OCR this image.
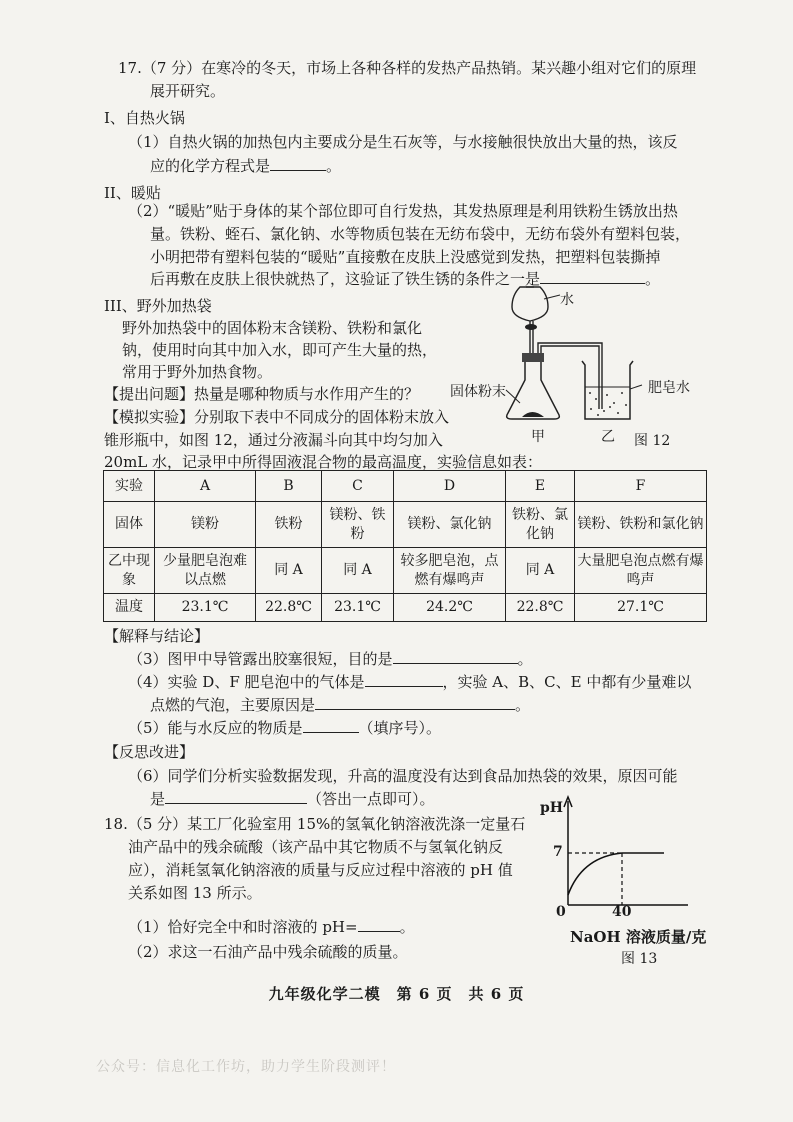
17.（7 分）在寒冷的冬天，市场上各种各样的发热产品热销。某兴趣小组对它们的原理
展开研究。
I、自热火锅
（1）自热火锅的加热包内主要成分是生石灰等，与水接触很快放出大量的热，该反
应的化学方程式是	。
II、暖贴
（2）“暖贴”贴于身体的某个部位即可自行发热，其发热原理是利用铁粉生锈放出热
量。铁粉、蛭石、氯化钠、水等物质包装在无纺布袋中，无纺布袋外有塑料包装，
小明把带有塑料包装的“暖贴”直接敷在皮肤上没感觉到发热，把塑料包装撕掉
后再敷在皮肤上很快就热了，这验证了铁生锈的条件之一是	。
III、野外加热袋
野外加热袋中的固体粉末含镁粉、铁粉和氯化
钠，使用时向其中加入水，即可产生大量的热，
常用于野外加热食物。
【提出问题】热量是哪种物质与水作用产生的？
【模拟实验】分别取下表中不同成分的固体粉末放入
锥形瓶中，如图 12，通过分液漏斗向其中均匀加入
20mL 水，记录甲中所得固液混合物的最高温度，实验信息如表：
水
固体粉末	肥皂水
甲	乙 图 12
实验	A	B	C	D	E	F
固体	镁粉	铁粉	镁粉、铁粉	镁粉、氯化钠	铁粉、氯化钠	镁粉、铁粉和氯化钠
乙中现象	少量肥皂泡难以点燃	同 A	同 A	较多肥皂泡，点燃有爆鸣声	同 A	大量肥皂泡点燃有爆鸣声
温度	23.1℃	22.8℃	23.1℃	24.2℃	22.8℃	27.1℃
【解释与结论】
（3）图甲中导管露出胶塞很短，目的是	。
（4）实验 D、F 肥皂泡中的气体是	，实验 A、B、C、E 中都有少量难以
点燃的气泡，主要原因是	。
（5）能与水反应的物质是	（填序号）。
【反思改进】
（6）同学们分析实验数据发现，升高的温度没有达到食品加热袋的效果，原因可能
是	（答出一点即可）。
18.（5 分）某工厂化验室用 15%的氢氧化钠溶液洗涤一定量石
油产品中的残余硫酸（该产品中其它物质不与氢氧化钠反
应），消耗氢氧化钠溶液的质量与反应过程中溶液的 pH 值
关系如图 13 所示。
（1）恰好完全中和时溶液的 pH=	。
（2）求这一石油产品中残余硫酸的质量。
pH
7
0	40
NaOH 溶液质量/克
图 13
九年级化学二模　第 6 页　共 6 页
公众号：信息化工作坊，助力学生阶段测评！
